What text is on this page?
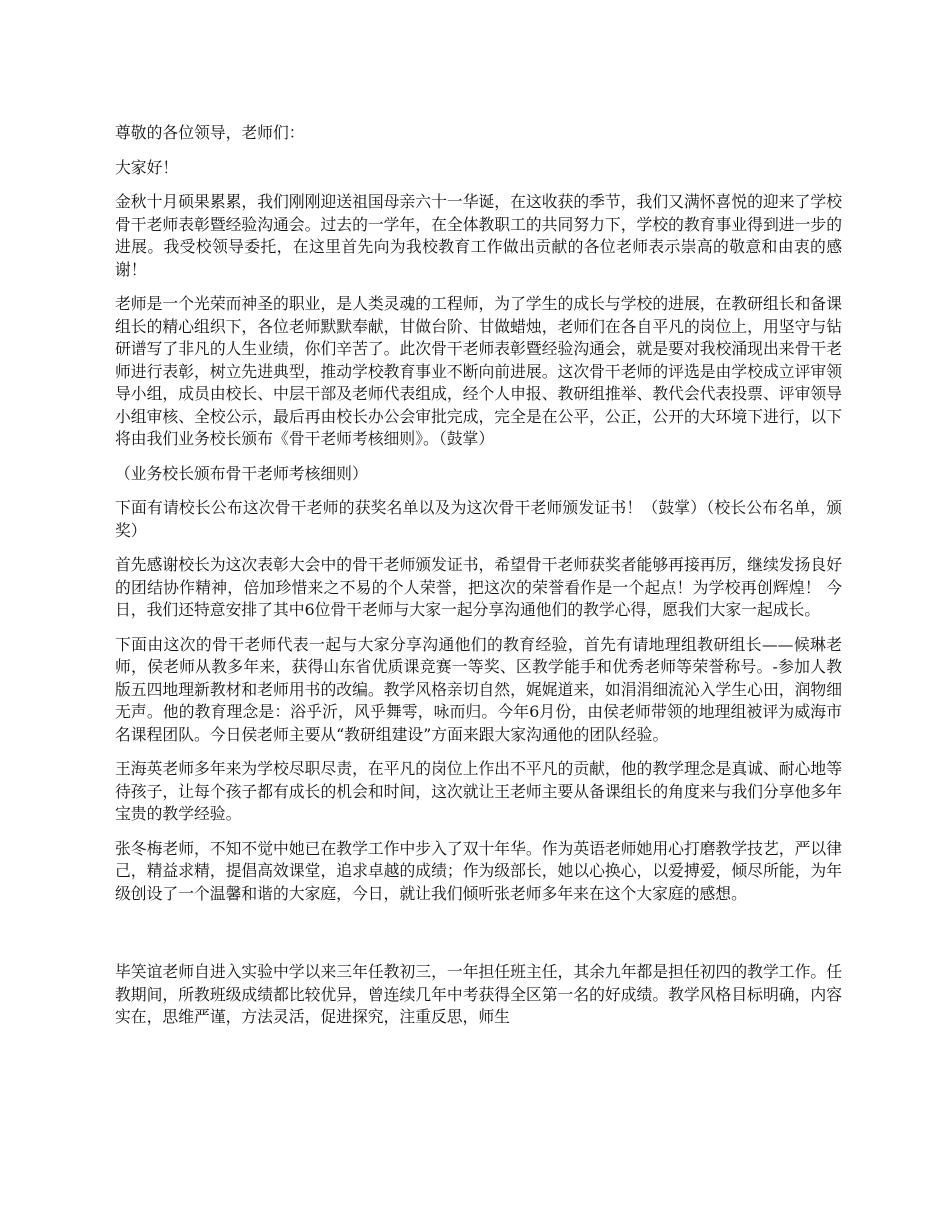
尊敬的各位领导，老师们：

大家好！

金秋十月硕果累累，我们刚刚迎送祖国母亲六十一华诞，在这收获的季节，我们又满怀喜悦的迎来了学校骨干老师表彰暨经验沟通会。过去的一学年，在全体教职工的共同努力下，学校的教育事业得到进一步的进展。我受校领导委托，在这里首先向为我校教育工作做出贡献的各位老师表示崇高的敬意和由衷的感谢！

老师是一个光荣而神圣的职业，是人类灵魂的工程师，为了学生的成长与学校的进展，在教研组长和备课组长的精心组织下，各位老师默默奉献，甘做台阶、甘做蜡烛，老师们在各自平凡的岗位上，用坚守与钻研谱写了非凡的人生业绩，你们辛苦了。此次骨干老师表彰暨经验沟通会，就是要对我校涌现出来骨干老师进行表彰，树立先进典型，推动学校教育事业不断向前进展。这次骨干老师的评选是由学校成立评审领导小组，成员由校长、中层干部及老师代表组成，经个人申报、教研组推举、教代会代表投票、评审领导小组审核、全校公示，最后再由校长办公会审批完成，完全是在公平，公正，公开的大环境下进行，以下将由我们业务校长颁布《骨干老师考核细则》。（鼓掌）

（业务校长颁布骨干老师考核细则）

下面有请校长公布这次骨干老师的获奖名单以及为这次骨干老师颁发证书！（鼓掌）（校长公布名单，颁奖）

首先感谢校长为这次表彰大会中的骨干老师颁发证书，希望骨干老师获奖者能够再接再厉，继续发扬良好的团结协作精神，倍加珍惜来之不易的个人荣誉，把这次的荣誉看作是一个起点！为学校再创辉煌！ 今日，我们还特意安排了其中6位骨干老师与大家一起分享沟通他们的教学心得，愿我们大家一起成长。

下面由这次的骨干老师代表一起与大家分享沟通他们的教育经验，首先有请地理组教研组长——候琳老师，侯老师从教多年来，获得山东省优质课竞赛一等奖、区教学能手和优秀老师等荣誉称号。-参加人教版五四地理新教材和老师用书的改编。教学风格亲切自然，娓娓道来，如涓涓细流沁入学生心田，润物细无声。他的教育理念是：浴乎沂，风乎舞雩，咏而归。今年6月份，由侯老师带领的地理组被评为威海市名课程团队。今日侯老师主要从“教研组建设”方面来跟大家沟通他的团队经验。

王海英老师多年来为学校尽职尽责，在平凡的岗位上作出不平凡的贡献，他的教学理念是真诚、耐心地等待孩子，让每个孩子都有成长的机会和时间，这次就让王老师主要从备课组长的角度来与我们分享他多年宝贵的教学经验。

张冬梅老师，不知不觉中她已在教学工作中步入了双十年华。作为英语老师她用心打磨教学技艺，严以律己，精益求精，提倡高效课堂，追求卓越的成绩；作为级部长，她以心换心，以爱搏爱，倾尽所能，为年级创设了一个温馨和谐的大家庭，今日，就让我们倾听张老师多年来在这个大家庭的感想。

毕笑谊老师自进入实验中学以来三年任教初三，一年担任班主任，其余九年都是担任初四的教学工作。任教期间，所教班级成绩都比较优异，曾连续几年中考获得全区第一名的好成绩。教学风格目标明确，内容实在，思维严谨，方法灵活，促进探究，注重反思，师生
